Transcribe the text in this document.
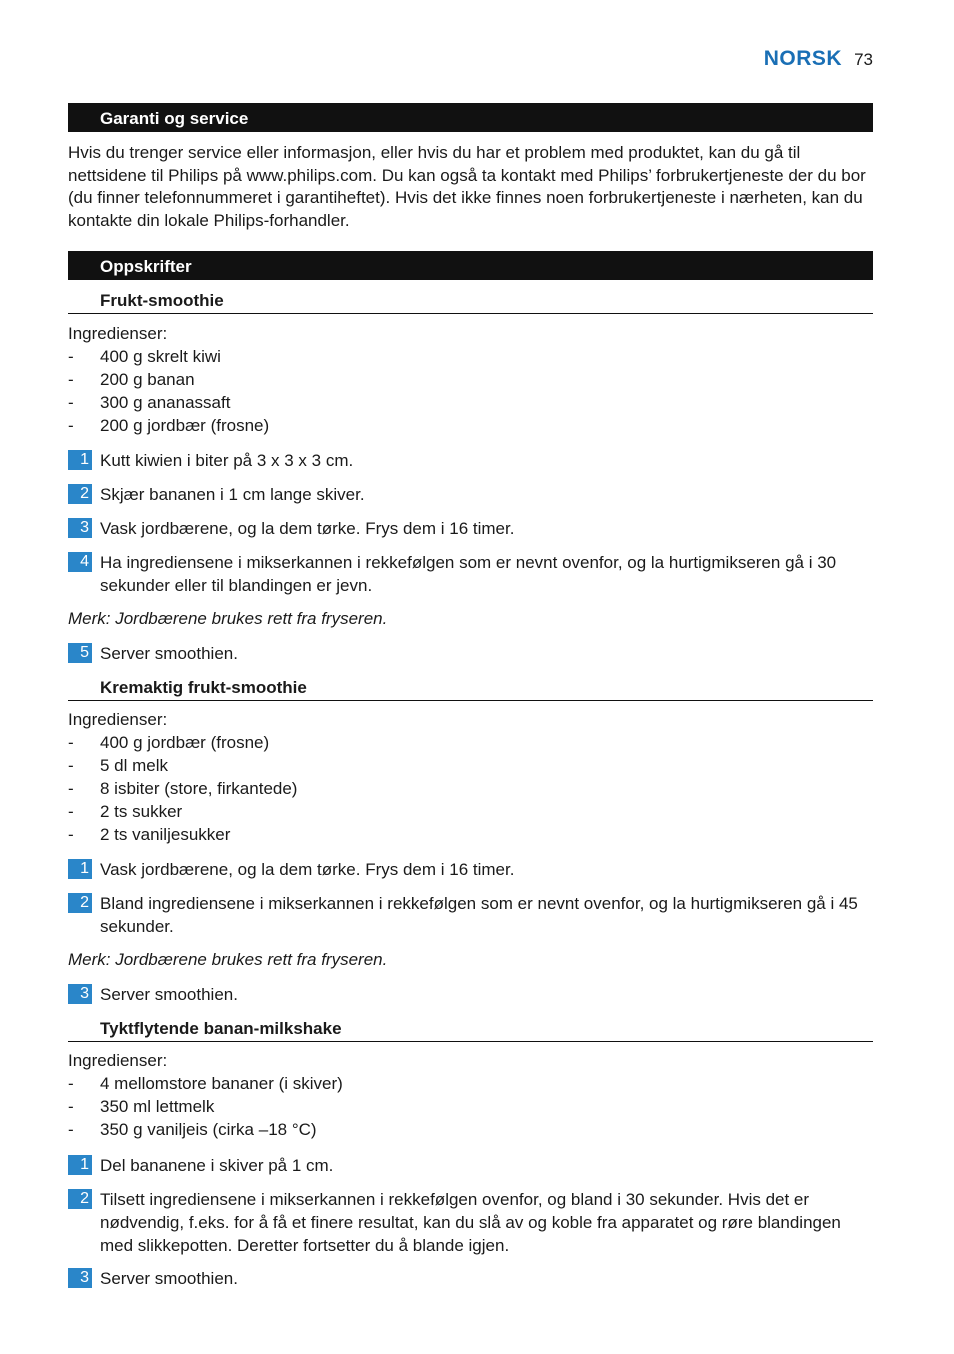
NORSK 73
Garanti og service
Hvis du trenger service eller informasjon, eller hvis du har et problem med produktet, kan du gå til nettsidene til Philips på www.philips.com. Du kan også ta kontakt med Philips’ forbrukertjeneste der du bor (du finner telefonnummeret i garantiheftet). Hvis det ikke finnes noen forbrukertjeneste i nærheten, kan du kontakte din lokale Philips-forhandler.
Oppskrifter
Frukt-smoothie
Ingredienser:
- 400 g skrelt kiwi
- 200 g banan
- 300 g ananassaft
- 200 g jordbær (frosne)
1 Kutt kiwien i biter på 3 x 3 x 3 cm.
2 Skjær bananen i 1 cm lange skiver.
3 Vask jordbærene, og la dem tørke. Frys dem i 16 timer.
4 Ha ingrediensene i mikserkannen i rekkefølgen som er nevnt ovenfor, og la hurtigmikseren gå i 30 sekunder eller til blandingen er jevn.
Merk: Jordbærene brukes rett fra fryseren.
5 Server smoothien.
Kremaktig frukt-smoothie
Ingredienser:
- 400 g jordbær (frosne)
- 5 dl melk
- 8 isbiter (store, firkantede)
- 2 ts sukker
- 2 ts vaniljesukker
1 Vask jordbærene, og la dem tørke. Frys dem i 16 timer.
2 Bland ingrediensene i mikserkannen i rekkefølgen som er nevnt ovenfor, og la hurtigmikseren gå i 45 sekunder.
Merk: Jordbærene brukes rett fra fryseren.
3 Server smoothien.
Tyktflytende banan-milkshake
Ingredienser:
- 4 mellomstore bananer (i skiver)
- 350 ml lettmelk
- 350 g vaniljeis (cirka –18 °C)
1 Del bananene i skiver på 1 cm.
2 Tilsett ingrediensene i mikserkannen i rekkefølgen ovenfor, og bland i 30 sekunder. Hvis det er nødvendig, f.eks. for å få et finere resultat, kan du slå av og koble fra apparatet og røre blandingen med slikkepotten. Deretter fortsetter du å blande igjen.
3 Server smoothien.
